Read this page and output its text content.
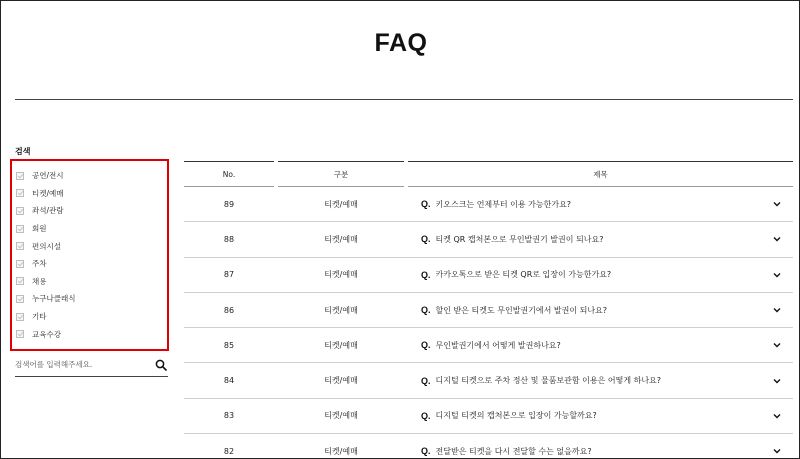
FAQ
검색
공연/전시
티켓/예매
좌석/관람
회원
편의시설
주차
채용
누구나클래식
기타
교육수강
검색어를 입력해주세요.
No.	구분	제목
89	티켓/예매	Q. 키오스크는 언제부터 이용 가능한가요?
88	티켓/예매	Q. 티켓 QR 캡처본으로 무인발권기 발권이 되나요?
87	티켓/예매	Q. 카카오톡으로 받은 티켓 QR로 입장이 가능한가요?
86	티켓/예매	Q. 할인 받은 티켓도 무인발권기에서 발권이 되나요?
85	티켓/예매	Q. 무인발권기에서 어떻게 발권하나요?
84	티켓/예매	Q. 디지털 티켓으로 주차 정산 및 물품보관함 이용은 어떻게 하나요?
83	티켓/예매	Q. 디지털 티켓의 캡처본으로 입장이 가능할까요?
82	티켓/예매	Q. 전달받은 티켓을 다시 전달할 수는 없을까요?
